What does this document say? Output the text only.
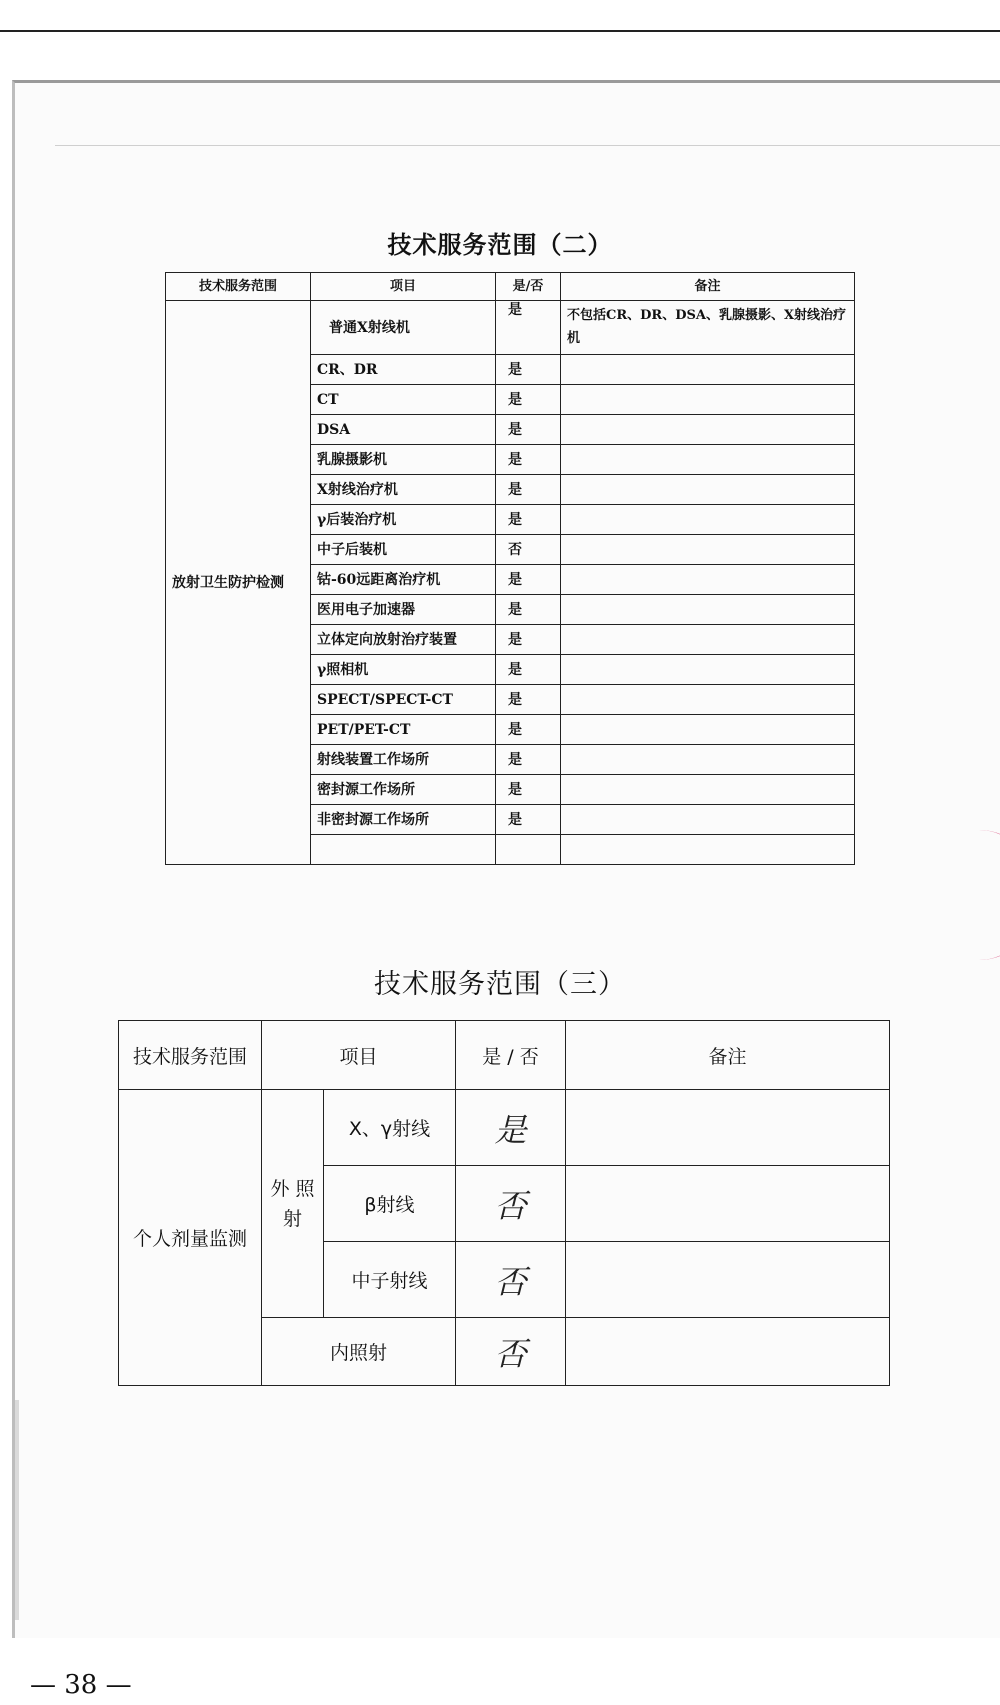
技术服务范围（二）
技术服务范围	项目	是/否	备注
放射卫生防护检测	普通X射线机	是	不包括CR、DR、DSA、乳腺摄影、X射线治疗机
	CR、DR	是	
	CT	是	
	DSA	是	
	乳腺摄影机	是	
	X射线治疗机	是	
	γ后装治疗机	是	
	中子后装机	否	
	钴-60远距离治疗机	是	
	医用电子加速器	是	
	立体定向放射治疗装置	是	
	γ照相机	是	
	SPECT/SPECT-CT	是	
	PET/PET-CT	是	
	射线装置工作场所	是	
	密封源工作场所	是	
	非密封源工作场所	是	

技术服务范围（三）
技术服务范围	项目		是 / 否	备注
个人剂量监测	外 照 射	X、γ射线	是	
		β射线	否	
		中子射线	否	
	内照射		否	
— 38 —
